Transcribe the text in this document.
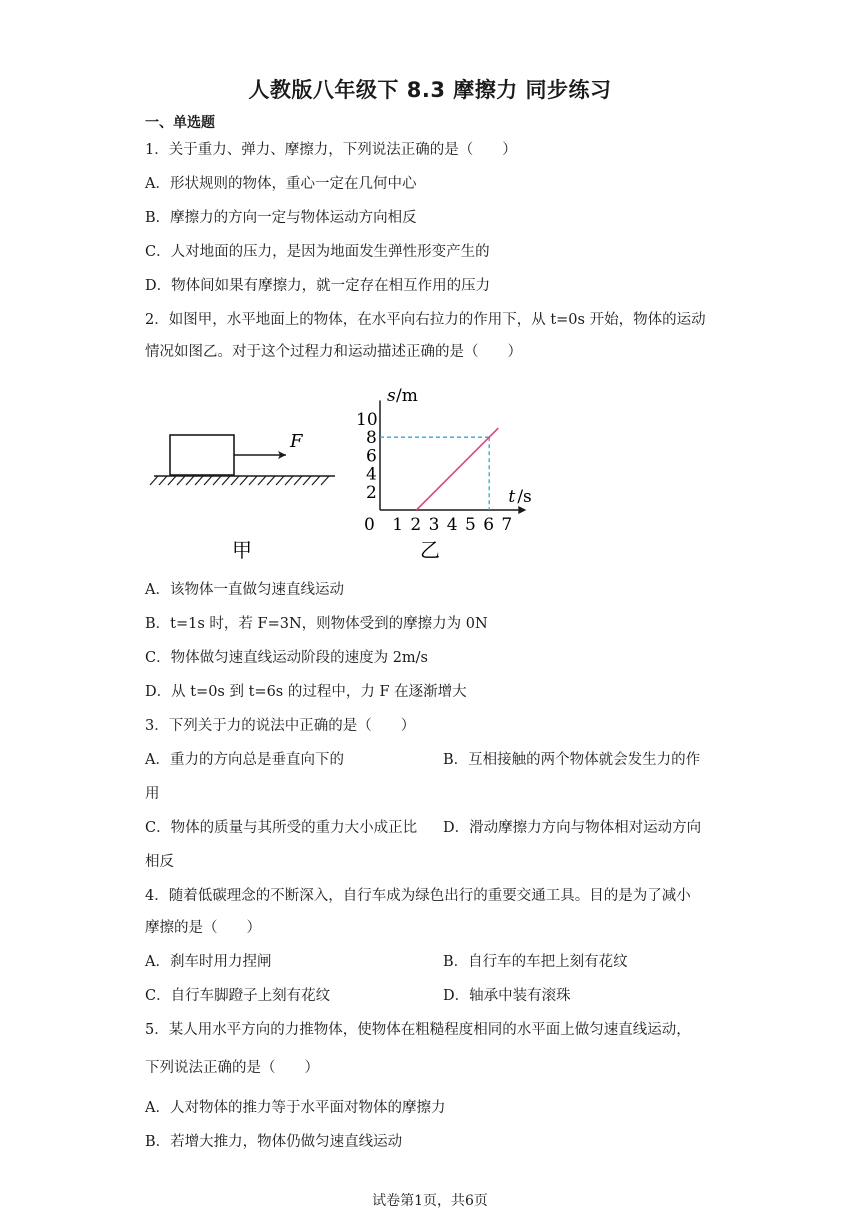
人教版八年级下 8.3 摩擦力 同步练习
一、单选题
1．关于重力、弹力、摩擦力，下列说法正确的是（　　）
A．形状规则的物体，重心一定在几何中心
B．摩擦力的方向一定与物体运动方向相反
C．人对地面的压力，是因为地面发生弹性形变产生的
D．物体间如果有摩擦力，就一定存在相互作用的压力
2．如图甲，水平地面上的物体，在水平向右拉力的作用下，从 t=0s 开始，物体的运动
情况如图乙。对于这个过程力和运动描述正确的是（　　）
F
甲
t /s
s /m
0 1 2 3 4 5 6 7
2
4
6
8
10
乙
A．该物体一直做匀速直线运动
B．t=1s 时，若 F=3N，则物体受到的摩擦力为 0N
C．物体做匀速直线运动阶段的速度为 2m/s
D．从 t=0s 到 t=6s 的过程中，力 F 在逐渐增大
3．下列关于力的说法中正确的是（　　）
A．重力的方向总是垂直向下的	B．互相接触的两个物体就会发生力的作
用
C．物体的质量与其所受的重力大小成正比 D．滑动摩擦力方向与物体相对运动方向
相反
4．随着低碳理念的不断深入，自行车成为绿色出行的重要交通工具。目的是为了减小
摩擦的是（　　）
A．刹车时用力捏闸	B．自行车的车把上刻有花纹
C．自行车脚蹬子上刻有花纹	D．轴承中装有滚珠
5．某人用水平方向的力推物体，使物体在粗糙程度相同的水平面上做匀速直线运动，
下列说法正确的是（　　）
A．人对物体的推力等于水平面对物体的摩擦力
B．若增大推力，物体仍做匀速直线运动
试卷第1页，共6页
